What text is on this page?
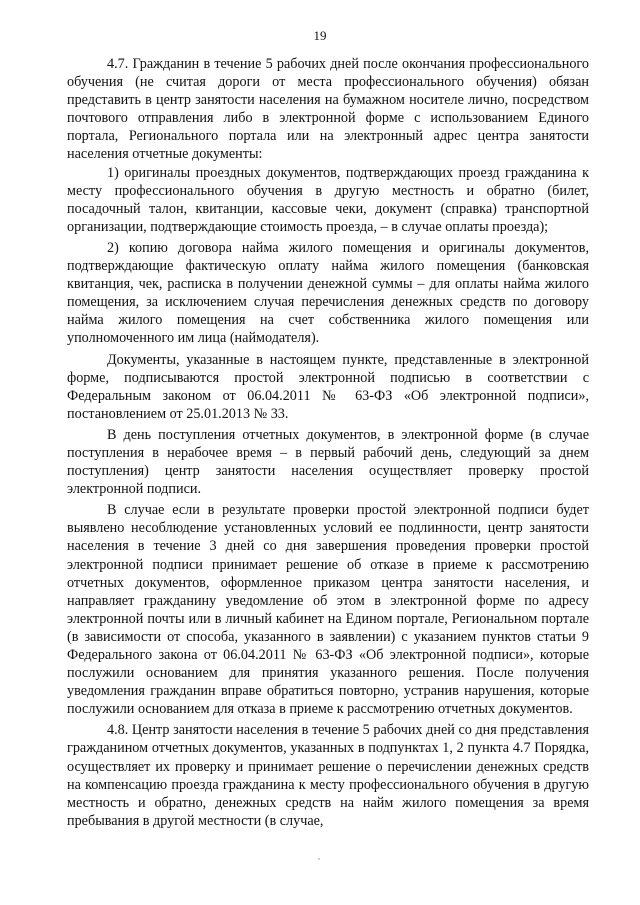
19

4.7. Гражданин в течение 5 рабочих дней после окончания профессионального обучения (не считая дороги от места профессионального обучения) обязан представить в центр занятости населения на бумажном носителе лично, посредством почтового отправления либо в электронной форме с использованием Единого портала, Регионального портала или на электронный адрес центра занятости населения отчетные документы:

1) оригиналы проездных документов, подтверждающих проезд гражданина к месту профессионального обучения в другую местность и обратно (билет, посадочный талон, квитанции, кассовые чеки, документ (справка) транспортной организации, подтверждающие стоимость проезда, – в случае оплаты проезда);

2) копию договора найма жилого помещения и оригиналы документов, подтверждающие фактическую оплату найма жилого помещения (банковская квитанция, чек, расписка в получении денежной суммы – для оплаты найма жилого помещения, за исключением случая перечисления денежных средств по договору найма жилого помещения на счет собственника жилого помещения или уполномоченного им лица (наймодателя).

Документы, указанные в настоящем пункте, представленные в электронной форме, подписываются простой электронной подписью в соответствии с Федеральным законом от 06.04.2011 № 63-ФЗ «Об электронной подписи», постановлением от 25.01.2013 № 33.

В день поступления отчетных документов, в электронной форме (в случае поступления в нерабочее время – в первый рабочий день, следующий за днем поступления) центр занятости населения осуществляет проверку простой электронной подписи.

В случае если в результате проверки простой электронной подписи будет выявлено несоблюдение установленных условий ее подлинности, центр занятости населения в течение 3 дней со дня завершения проведения проверки простой электронной подписи принимает решение об отказе в приеме к рассмотрению отчетных документов, оформленное приказом центра занятости населения, и направляет гражданину уведомление об этом в электронной форме по адресу электронной почты или в личный кабинет на Едином портале, Региональном портале (в зависимости от способа, указанного в заявлении) с указанием пунктов статьи 9 Федерального закона от 06.04.2011 № 63-ФЗ «Об электронной подписи», которые послужили основанием для принятия указанного решения. После получения уведомления гражданин вправе обратиться повторно, устранив нарушения, которые послужили основанием для отказа в приеме к рассмотрению отчетных документов.

4.8. Центр занятости населения в течение 5 рабочих дней со дня представления гражданином отчетных документов, указанных в подпунктах 1, 2 пункта 4.7 Порядка, осуществляет их проверку и принимает решение о перечислении денежных средств на компенсацию проезда гражданина к месту профессионального обучения в другую местность и обратно, денежных средств на найм жилого помещения за время пребывания в другой местности (в случае,
